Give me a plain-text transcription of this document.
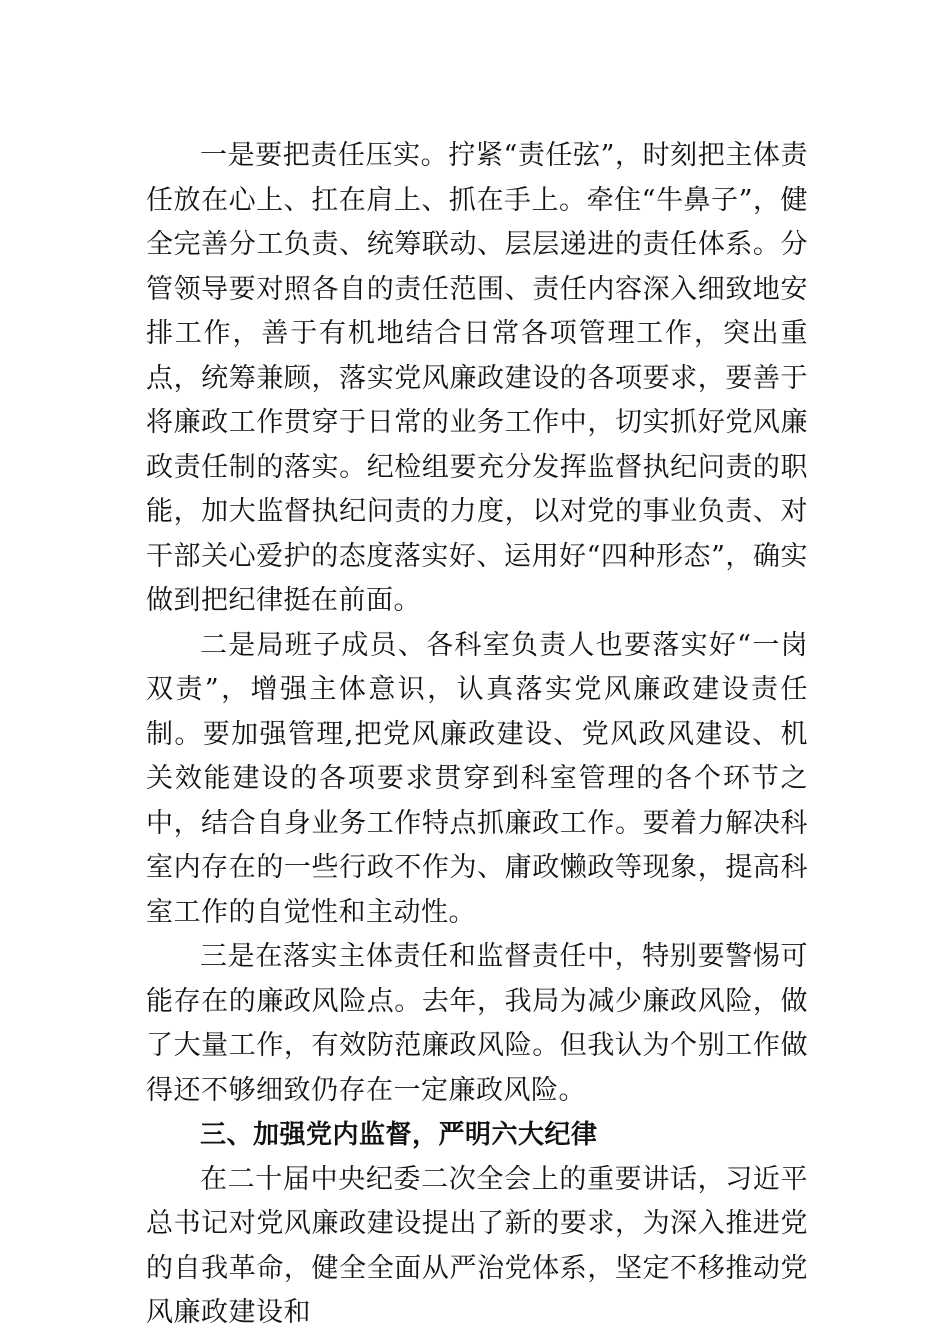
一是要把责任压实。拧紧“责任弦”，时刻把主体责任放在心上、扛在肩上、抓在手上。牵住“牛鼻子”，健全完善分工负责、统筹联动、层层递进的责任体系。分管领导要对照各自的责任范围、责任内容深入细致地安排工作，善于有机地结合日常各项管理工作，突出重点，统筹兼顾，落实党风廉政建设的各项要求，要善于将廉政工作贯穿于日常的业务工作中，切实抓好党风廉政责任制的落实。纪检组要充分发挥监督执纪问责的职能，加大监督执纪问责的力度，以对党的事业负责、对干部关心爱护的态度落实好、运用好“四种形态”，确实做到把纪律挺在前面。

二是局班子成员、各科室负责人也要落实好“一岗双责”，增强主体意识，认真落实党风廉政建设责任制。要加强管理,把党风廉政建设、党风政风建设、机关效能建设的各项要求贯穿到科室管理的各个环节之中，结合自身业务工作特点抓廉政工作。要着力解决科室内存在的一些行政不作为、庸政懒政等现象，提高科室工作的自觉性和主动性。

三是在落实主体责任和监督责任中，特别要警惕可能存在的廉政风险点。去年，我局为减少廉政风险，做了大量工作，有效防范廉政风险。但我认为个别工作做得还不够细致仍存在一定廉政风险。

三、加强党内监督，严明六大纪律

在二十届中央纪委二次全会上的重要讲话，习近平总书记对党风廉政建设提出了新的要求，为深入推进党的自我革命，健全全面从严治党体系，坚定不移推动党风廉政建设和
